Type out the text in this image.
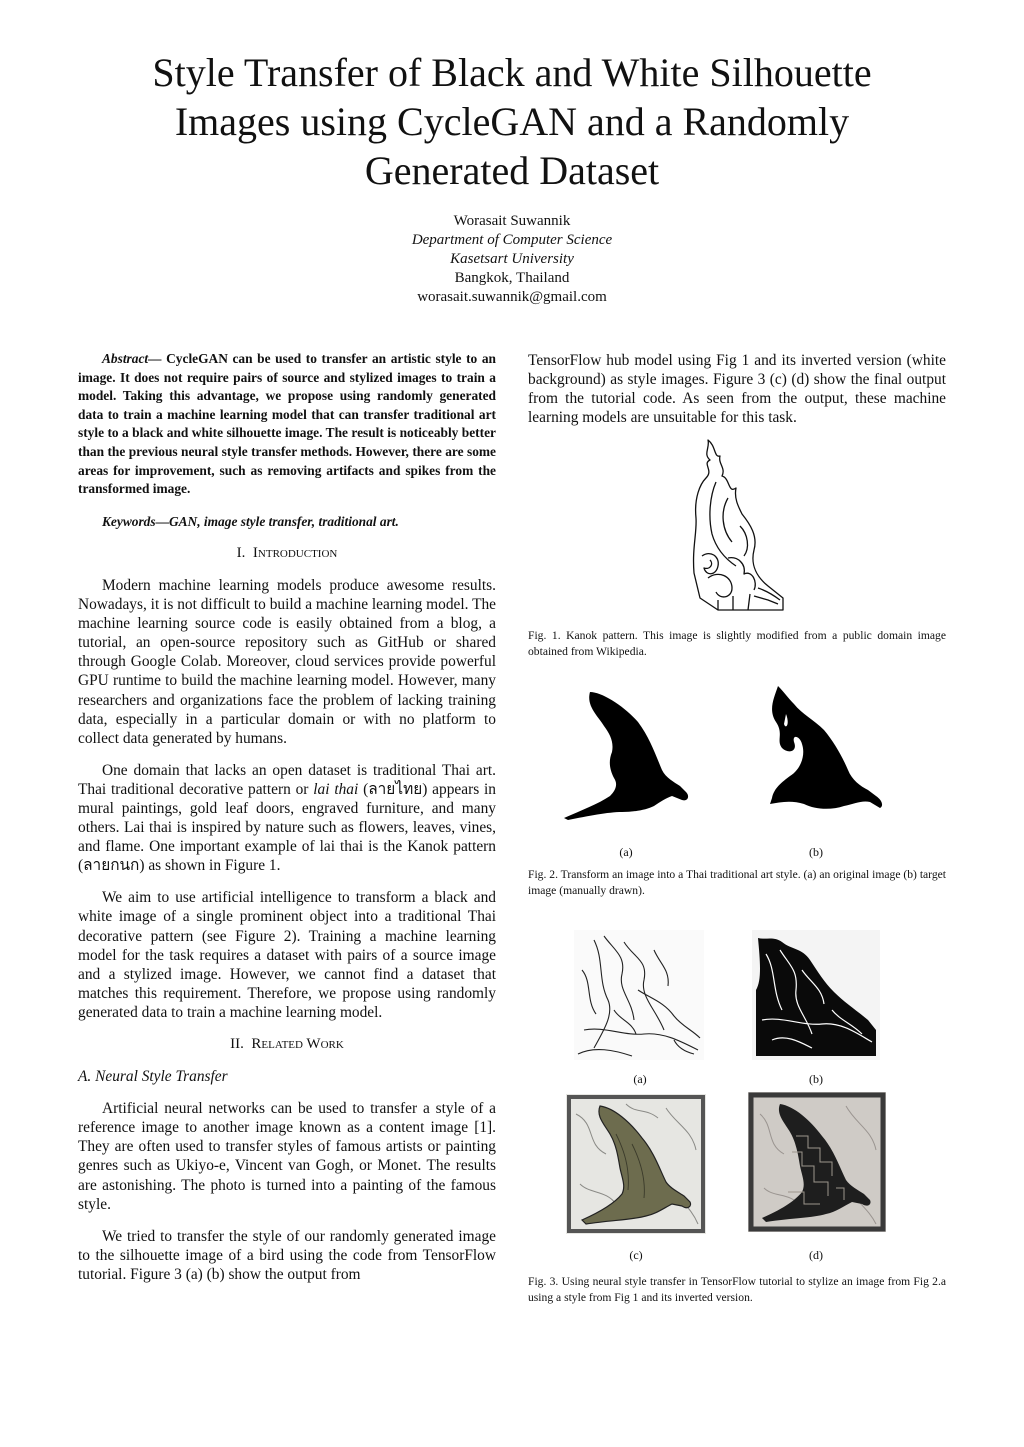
Style Transfer of Black and White Silhouette Images using CycleGAN and a Randomly Generated Dataset
Worasait Suwannik
Department of Computer Science
Kasetsart University
Bangkok, Thailand
worasait.suwannik@gmail.com

Abstract— CycleGAN can be used to transfer an artistic style to an image. It does not require pairs of source and stylized images to train a model. Taking this advantage, we propose using randomly generated data to train a machine learning model that can transfer traditional art style to a black and white silhouette image. The result is noticeably better than the previous neural style transfer methods. However, there are some areas for improvement, such as removing artifacts and spikes from the transformed image.

Keywords—GAN, image style transfer, traditional art.

I. Introduction

Modern machine learning models produce awesome results. Nowadays, it is not difficult to build a machine learning model. The machine learning source code is easily obtained from a blog, a tutorial, an open-source repository such as GitHub or shared through Google Colab. Moreover, cloud services provide powerful GPU runtime to build the machine learning model. However, many researchers and organizations face the problem of lacking training data, especially in a particular domain or with no platform to collect data generated by humans.

One domain that lacks an open dataset is traditional Thai art. Thai traditional decorative pattern or lai thai (ลายไทย) appears in mural paintings, gold leaf doors, engraved furniture, and many others. Lai thai is inspired by nature such as flowers, leaves, vines, and flame. One important example of lai thai is the Kanok pattern (ลายกนก) as shown in Figure 1.

We aim to use artificial intelligence to transform a black and white image of a single prominent object into a traditional Thai decorative pattern (see Figure 2). Training a machine learning model for the task requires a dataset with pairs of a source image and a stylized image. However, we cannot find a dataset that matches this requirement. Therefore, we propose using randomly generated data to train a machine learning model.

II. Related Work

A. Neural Style Transfer

Artificial neural networks can be used to transfer a style of a reference image to another image known as a content image [1]. They are often used to transfer styles of famous artists or painting genres such as Ukiyo-e, Vincent van Gogh, or Monet. The results are astonishing. The photo is turned into a painting of the famous style.

We tried to transfer the style of our randomly generated image to the silhouette image of a bird using the code from TensorFlow tutorial. Figure 3 (a) (b) show the output from

TensorFlow hub model using Fig 1 and its inverted version (white background) as style images. Figure 3 (c) (d) show the final output from the tutorial code. As seen from the output, these machine learning models are unsuitable for this task.

Fig. 1. Kanok pattern. This image is slightly modified from a public domain image obtained from Wikipedia.
(a)	(b)
Fig. 2. Transform an image into a Thai traditional art style. (a) an original image (b) target image (manually drawn).
(a)	(b)
(c)	(d)
Fig. 3. Using neural style transfer in TensorFlow tutorial to stylize an image from Fig 2.a using a style from Fig 1 and its inverted version.
